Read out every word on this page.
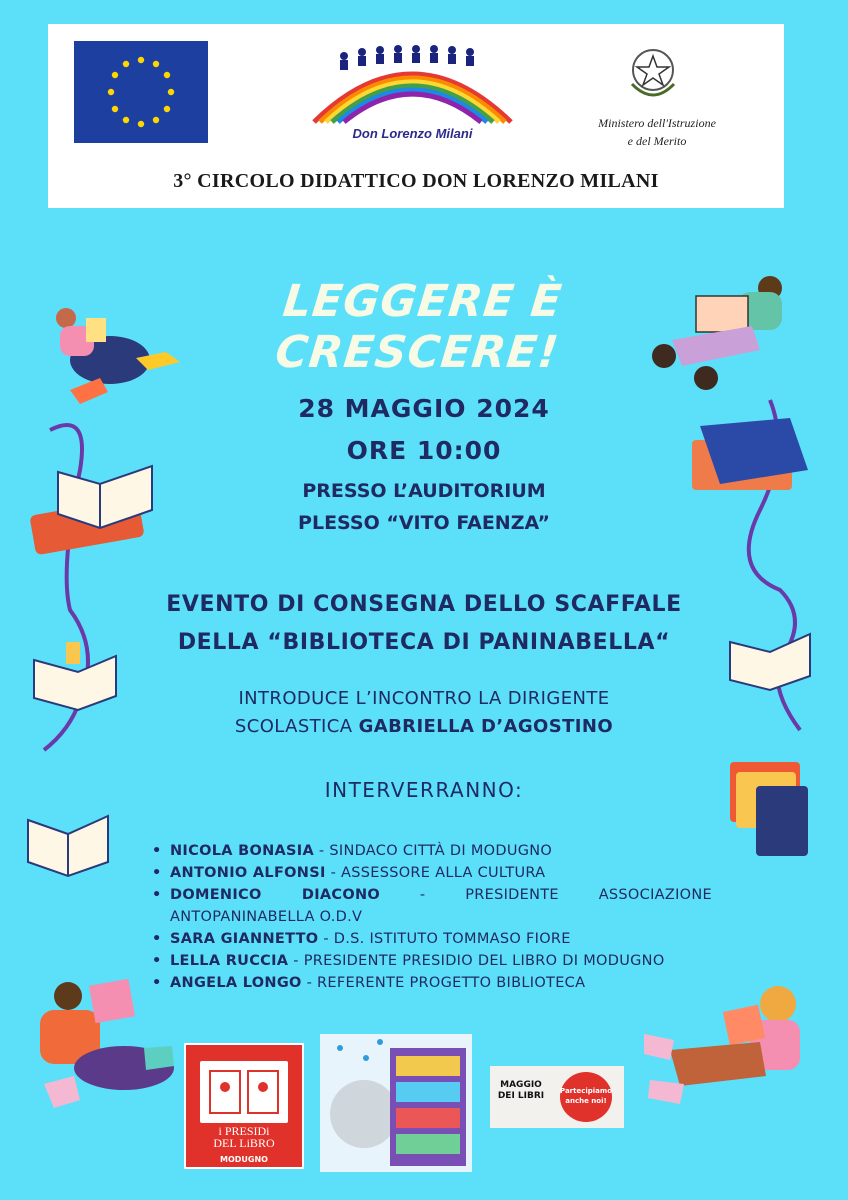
Don Lorenzo Milani
Ministero dell'Istruzione
e del Merito
3° CIRCOLO DIDATTICO DON LORENZO MILANI
LEGGERE È CRESCERE!
28 MAGGIO 2024
ORE 10:00
PRESSO L’AUDITORIUM
PLESSO “VITO FAENZA”
EVENTO DI CONSEGNA DELLO SCAFFALE
DELLA “BIBLIOTECA DI PANINABELLA“
INTRODUCE L’INCONTRO LA DIRIGENTE
SCOLASTICA GABRIELLA D’AGOSTINO
INTERVERRANNO:
• NICOLA BONASIA - SINDACO CITTÀ DI MODUGNO
• ANTONIO ALFONSI - ASSESSORE ALLA CULTURA
• DOMENICO DIACONO	- PRESIDENTE ASSOCIAZIONE
ANTOPANINABELLA O.D.V
• SARA GIANNETTO - D.S. ISTITUTO TOMMASO FIORE
• LELLA RUCCIA - PRESIDENTE PRESIDIO DEL LIBRO DI MODUGNO
• ANGELA LONGO - REFERENTE PROGETTO BIBLIOTECA
i PRESIDi
DEL LiBRO
MODUGNO
MAGGIO DEI LIBRI Partecipiamo anche noi!
